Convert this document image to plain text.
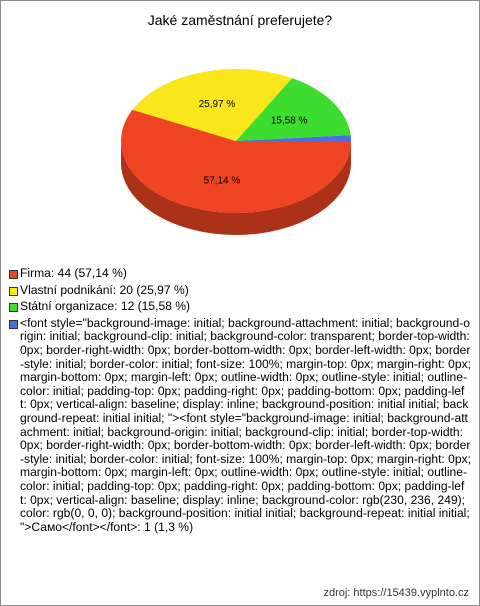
Jaké zaměstnání preferujete?
57,14 %
25,97 %
15,58 %
Firma: 44 (57,14 %)
Vlastní podnikání: 20 (25,97 %)
Státní organizace: 12 (15,58 %)
<font style="background-image: initial; background-attachment: initial; background-origin: initial; background-clip: initial; background-color: transparent; border-top-width: 0px; border-right-width: 0px; border-bottom-width: 0px; border-left-width: 0px; border-style: initial; border-color: initial; font-size: 100%; margin-top: 0px; margin-right: 0px; margin-bottom: 0px; margin-left: 0px; outline-width: 0px; outline-style: initial; outline-color: initial; padding-top: 0px; padding-right: 0px; padding-bottom: 0px; padding-left: 0px; vertical-align: baseline; display: inline; background-position: initial initial; background-repeat: initial initial; "><font style="background-image: initial; background-attachment: initial; background-origin: initial; background-clip: initial; border-top-width: 0px; border-right-width: 0px; border-bottom-width: 0px; border-left-width: 0px; border-style: initial; border-color: initial; font-size: 100%; margin-top: 0px; margin-right: 0px; margin-bottom: 0px; margin-left: 0px; outline-width: 0px; outline-style: initial; outline-color: initial; padding-top: 0px; padding-right: 0px; padding-bottom: 0px; padding-left: 0px; vertical-align: baseline; display: inline; background-color: rgb(230, 236, 249); color: rgb(0, 0, 0); background-position: initial initial; background-repeat: initial initial; ">Само</font></font>: 1 (1,3 %)
zdroj: https://15439.vyplnto.cz
